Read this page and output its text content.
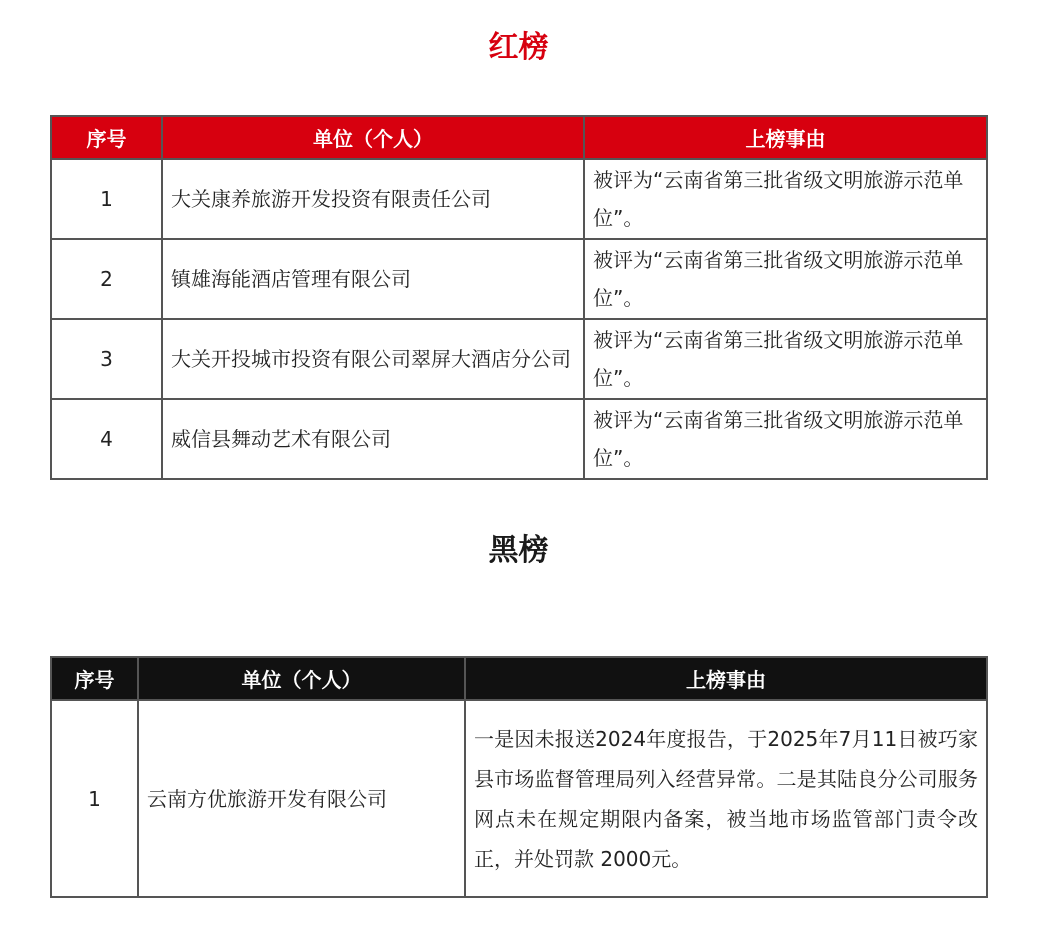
红榜
序号	单位（个人）	上榜事由
1	大关康养旅游开发投资有限责任公司	被评为“云南省第三批省级文明旅游示范单位”。
2	镇雄海能酒店管理有限公司	被评为“云南省第三批省级文明旅游示范单位”。
3	大关开投城市投资有限公司翠屏大酒店分公司	被评为“云南省第三批省级文明旅游示范单位”。
4	威信县舞动艺术有限公司	被评为“云南省第三批省级文明旅游示范单位”。
黑榜
序号	单位（个人）	上榜事由
1	云南方优旅游开发有限公司	一是因未报送2024年度报告，于2025年7月11日被巧家县市场监督管理局列入经营异常。二是其陆良分公司服务网点未在规定期限内备案，被当地市场监管部门责令改正，并处罚款 2000元。
